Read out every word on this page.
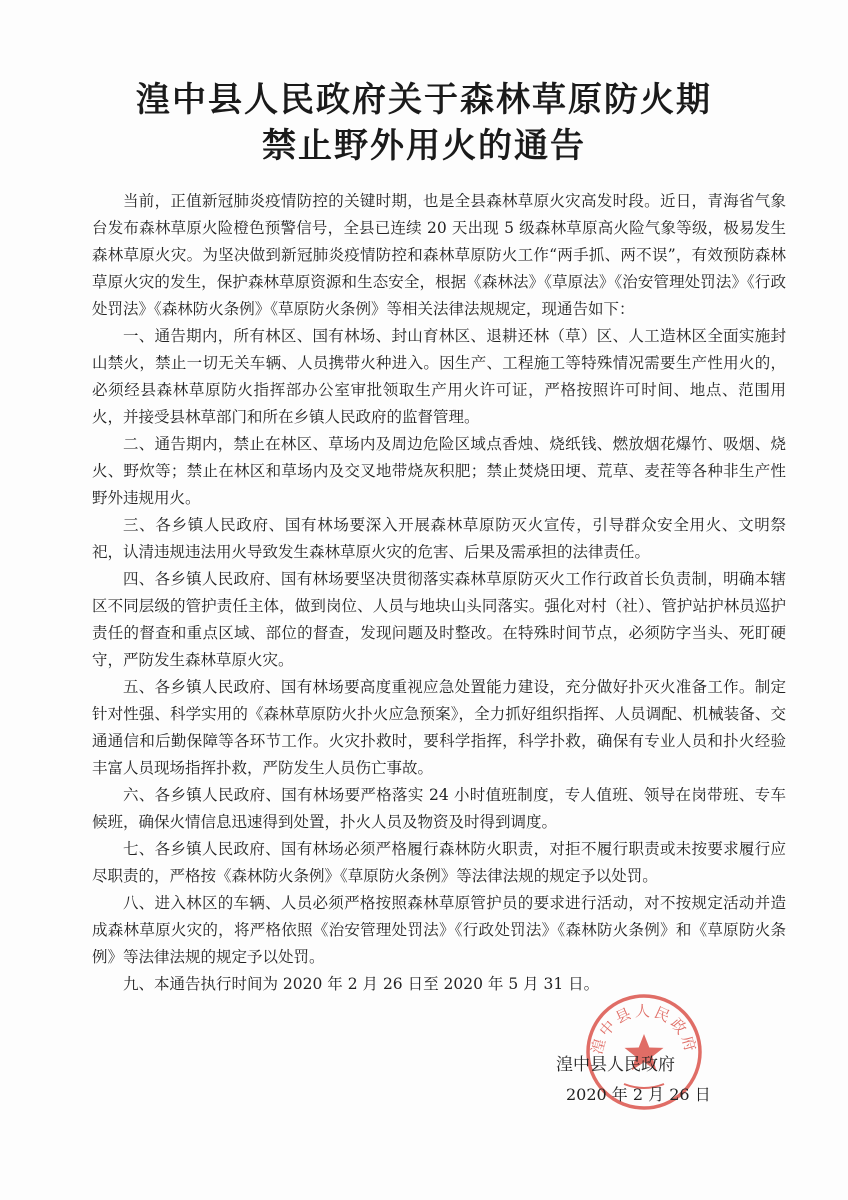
湟中县人民政府关于森林草原防火期
禁止野外用火的通告

当前，正值新冠肺炎疫情防控的关键时期，也是全县森林草原火灾高发时段。近日，青海省气象台发布森林草原火险橙色预警信号，全县已连续 20 天出现 5 级森林草原高火险气象等级，极易发生森林草原火灾。为坚决做到新冠肺炎疫情防控和森林草原防火工作“两手抓、两不误”，有效预防森林草原火灾的发生，保护森林草原资源和生态安全，根据《森林法》《草原法》《治安管理处罚法》《行政处罚法》《森林防火条例》《草原防火条例》等相关法律法规规定，现通告如下：

一、通告期内，所有林区、国有林场、封山育林区、退耕还林（草）区、人工造林区全面实施封山禁火，禁止一切无关车辆、人员携带火种进入。因生产、工程施工等特殊情况需要生产性用火的，必须经县森林草原防火指挥部办公室审批领取生产用火许可证，严格按照许可时间、地点、范围用火，并接受县林草部门和所在乡镇人民政府的监督管理。

二、通告期内，禁止在林区、草场内及周边危险区域点香烛、烧纸钱、燃放烟花爆竹、吸烟、烧火、野炊等；禁止在林区和草场内及交叉地带烧灰积肥；禁止焚烧田埂、荒草、麦茬等各种非生产性野外违规用火。

三、各乡镇人民政府、国有林场要深入开展森林草原防灭火宣传，引导群众安全用火、文明祭祀，认清违规违法用火导致发生森林草原火灾的危害、后果及需承担的法律责任。

四、各乡镇人民政府、国有林场要坚决贯彻落实森林草原防灭火工作行政首长负责制，明确本辖区不同层级的管护责任主体，做到岗位、人员与地块山头同落实。强化对村（社）、管护站护林员巡护责任的督查和重点区域、部位的督查，发现问题及时整改。在特殊时间节点，必须防字当头、死盯硬守，严防发生森林草原火灾。

五、各乡镇人民政府、国有林场要高度重视应急处置能力建设，充分做好扑灭火准备工作。制定针对性强、科学实用的《森林草原防火扑火应急预案》，全力抓好组织指挥、人员调配、机械装备、交通通信和后勤保障等各环节工作。火灾扑救时，要科学指挥，科学扑救，确保有专业人员和扑火经验丰富人员现场指挥扑救，严防发生人员伤亡事故。

六、各乡镇人民政府、国有林场要严格落实 24 小时值班制度，专人值班、领导在岗带班、专车候班，确保火情信息迅速得到处置，扑火人员及物资及时得到调度。

七、各乡镇人民政府、国有林场必须严格履行森林防火职责，对拒不履行职责或未按要求履行应尽职责的，严格按《森林防火条例》《草原防火条例》等法律法规的规定予以处罚。

八、进入林区的车辆、人员必须严格按照森林草原管护员的要求进行活动，对不按规定活动并造成森林草原火灾的，将严格依照《治安管理处罚法》《行政处罚法》《森林防火条例》和《草原防火条例》等法律法规的规定予以处罚。

九、本通告执行时间为 2020 年 2 月 26 日至 2020 年 5 月 31 日。

湟中县人民政府
湟中县人民政府
2020 年 2 月 26 日
